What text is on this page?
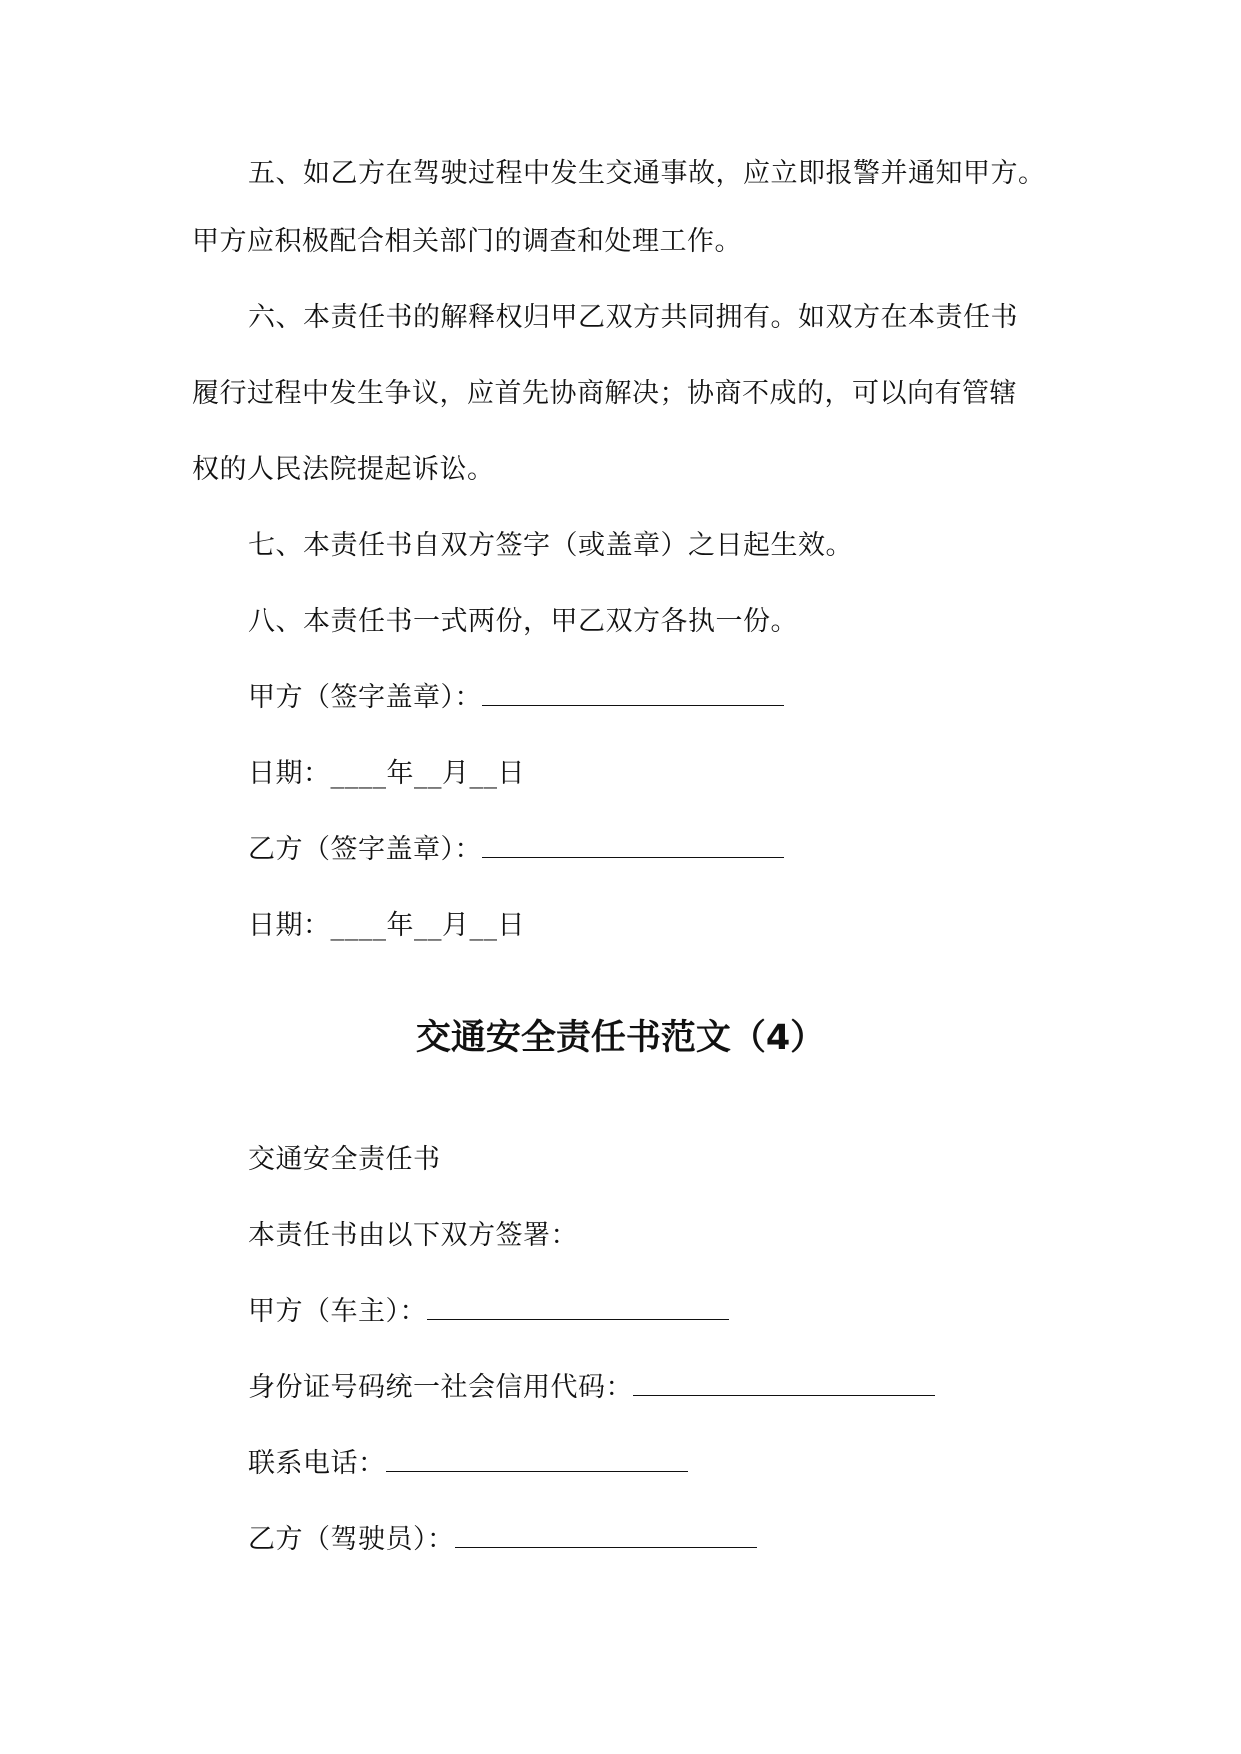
五、如乙方在驾驶过程中发生交通事故，应立即报警并通知甲方。
甲方应积极配合相关部门的调查和处理工作。
六、本责任书的解释权归甲乙双方共同拥有。如双方在本责任书
履行过程中发生争议，应首先协商解决；协商不成的，可以向有管辖
权的人民法院提起诉讼。
七、本责任书自双方签字（或盖章）之日起生效。
八、本责任书一式两份，甲乙双方各执一份。
甲方（签字盖章）：
日期：____年__月__日
乙方（签字盖章）：
日期：____年__月__日
交通安全责任书范文（4）
交通安全责任书
本责任书由以下双方签署：
甲方（车主）：
身份证号码统一社会信用代码：
联系电话：
乙方（驾驶员）：
